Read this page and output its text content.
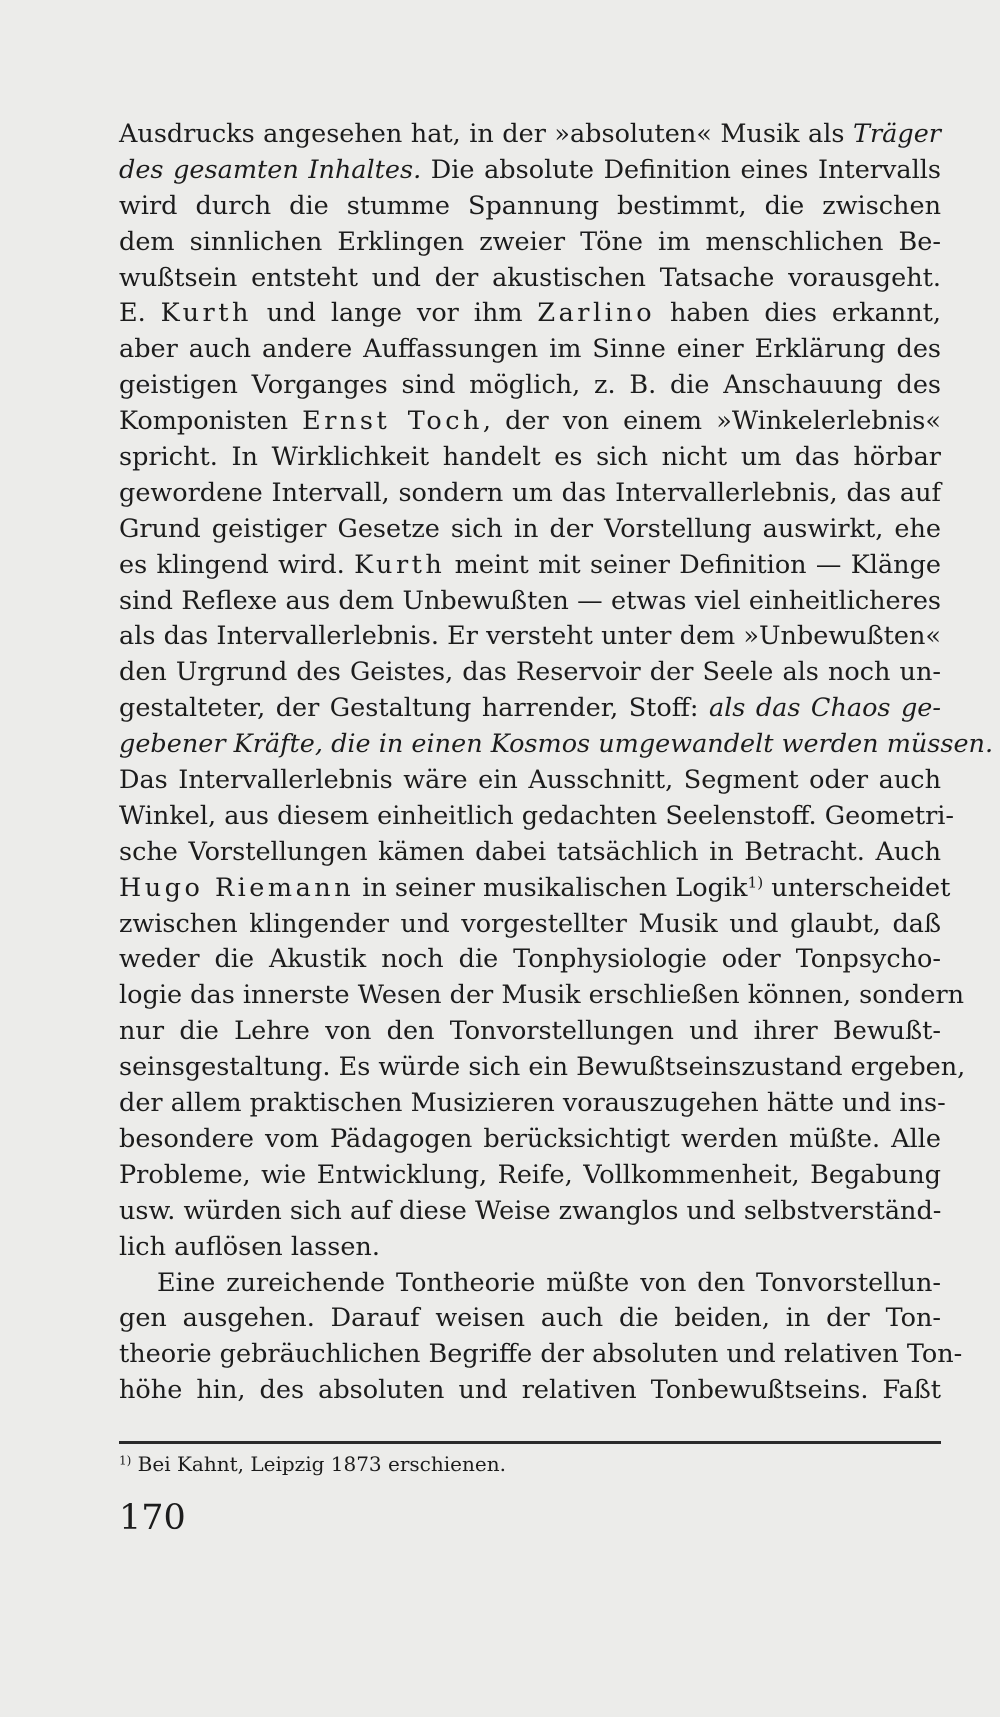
Ausdrucks angesehen hat, in der »absoluten« Musik als Träger
des gesamten Inhaltes. Die absolute Definition eines Intervalls
wird durch die stumme Spannung bestimmt, die zwischen
dem sinnlichen Erklingen zweier Töne im menschlichen Be-
wußtsein entsteht und der akustischen Tatsache vorausgeht.
E. Kurth und lange vor ihm Zarlino haben dies erkannt,
aber auch andere Auffassungen im Sinne einer Erklärung des
geistigen Vorganges sind möglich, z. B. die Anschauung des
Komponisten Ernst Toch, der von einem »Winkelerlebnis«
spricht. In Wirklichkeit handelt es sich nicht um das hörbar
gewordene Intervall, sondern um das Intervallerlebnis, das auf
Grund geistiger Gesetze sich in der Vorstellung auswirkt, ehe
es klingend wird. Kurth meint mit seiner Definition — Klänge
sind Reflexe aus dem Unbewußten — etwas viel einheitlicheres
als das Intervallerlebnis. Er versteht unter dem »Unbewußten«
den Urgrund des Geistes, das Reservoir der Seele als noch un-
gestalteter, der Gestaltung harrender, Stoff: als das Chaos ge-
gebener Kräfte, die in einen Kosmos umgewandelt werden müssen.
Das Intervallerlebnis wäre ein Ausschnitt, Segment oder auch
Winkel, aus diesem einheitlich gedachten Seelenstoff. Geometri-
sche Vorstellungen kämen dabei tatsächlich in Betracht. Auch
Hugo Riemann in seiner musikalischen Logik$^{1)}$ unterscheidet
zwischen klingender und vorgestellter Musik und glaubt, daß
weder die Akustik noch die Tonphysiologie oder Tonpsycho-
logie das innerste Wesen der Musik erschließen können, sondern
nur die Lehre von den Tonvorstellungen und ihrer Bewußt-
seinsgestaltung. Es würde sich ein Bewußtseinszustand ergeben,
der allem praktischen Musizieren vorauszugehen hätte und ins-
besondere vom Pädagogen berücksichtigt werden müßte. Alle
Probleme, wie Entwicklung, Reife, Vollkommenheit, Begabung
usw. würden sich auf diese Weise zwanglos und selbstverständ-
lich auflösen lassen.
Eine zureichende Tontheorie müßte von den Tonvorstellun-
gen ausgehen. Darauf weisen auch die beiden, in der Ton-
theorie gebräuchlichen Begriffe der absoluten und relativen Ton-
höhe hin, des absoluten und relativen Tonbewußtseins. Faßt
$^{1)}$ Bei Kahnt, Leipzig 1873 erschienen.
170
